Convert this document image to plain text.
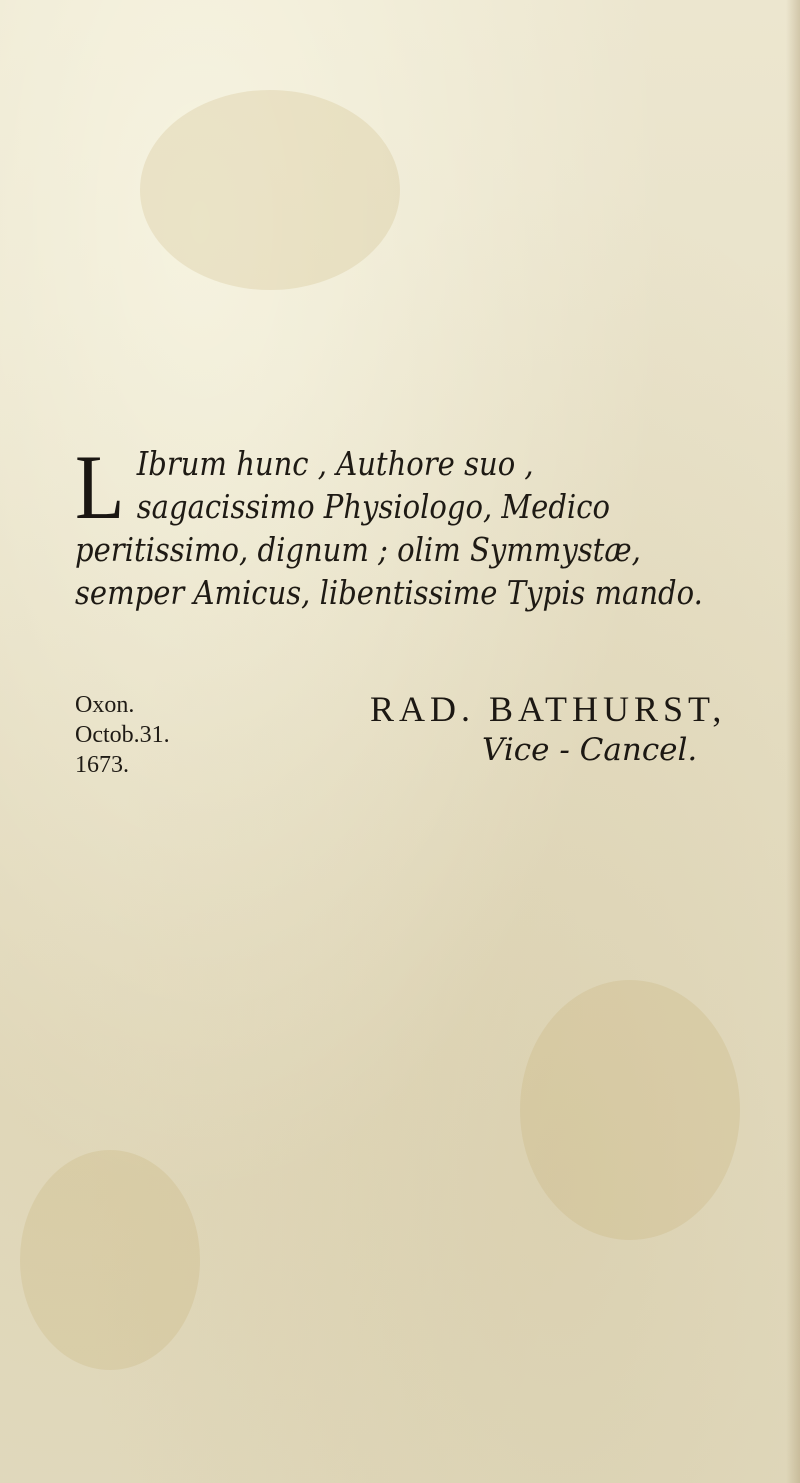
L Ibrum hunc , Authore suo , sagacissimo Physiologo, Medico peritissimo, dignum ; olim Symmystæ, semper Amicus, libentissime Typis mando.
Oxon.
Octob.31.
1673.
RAD. BATHURST,
Vice - Cancel.
